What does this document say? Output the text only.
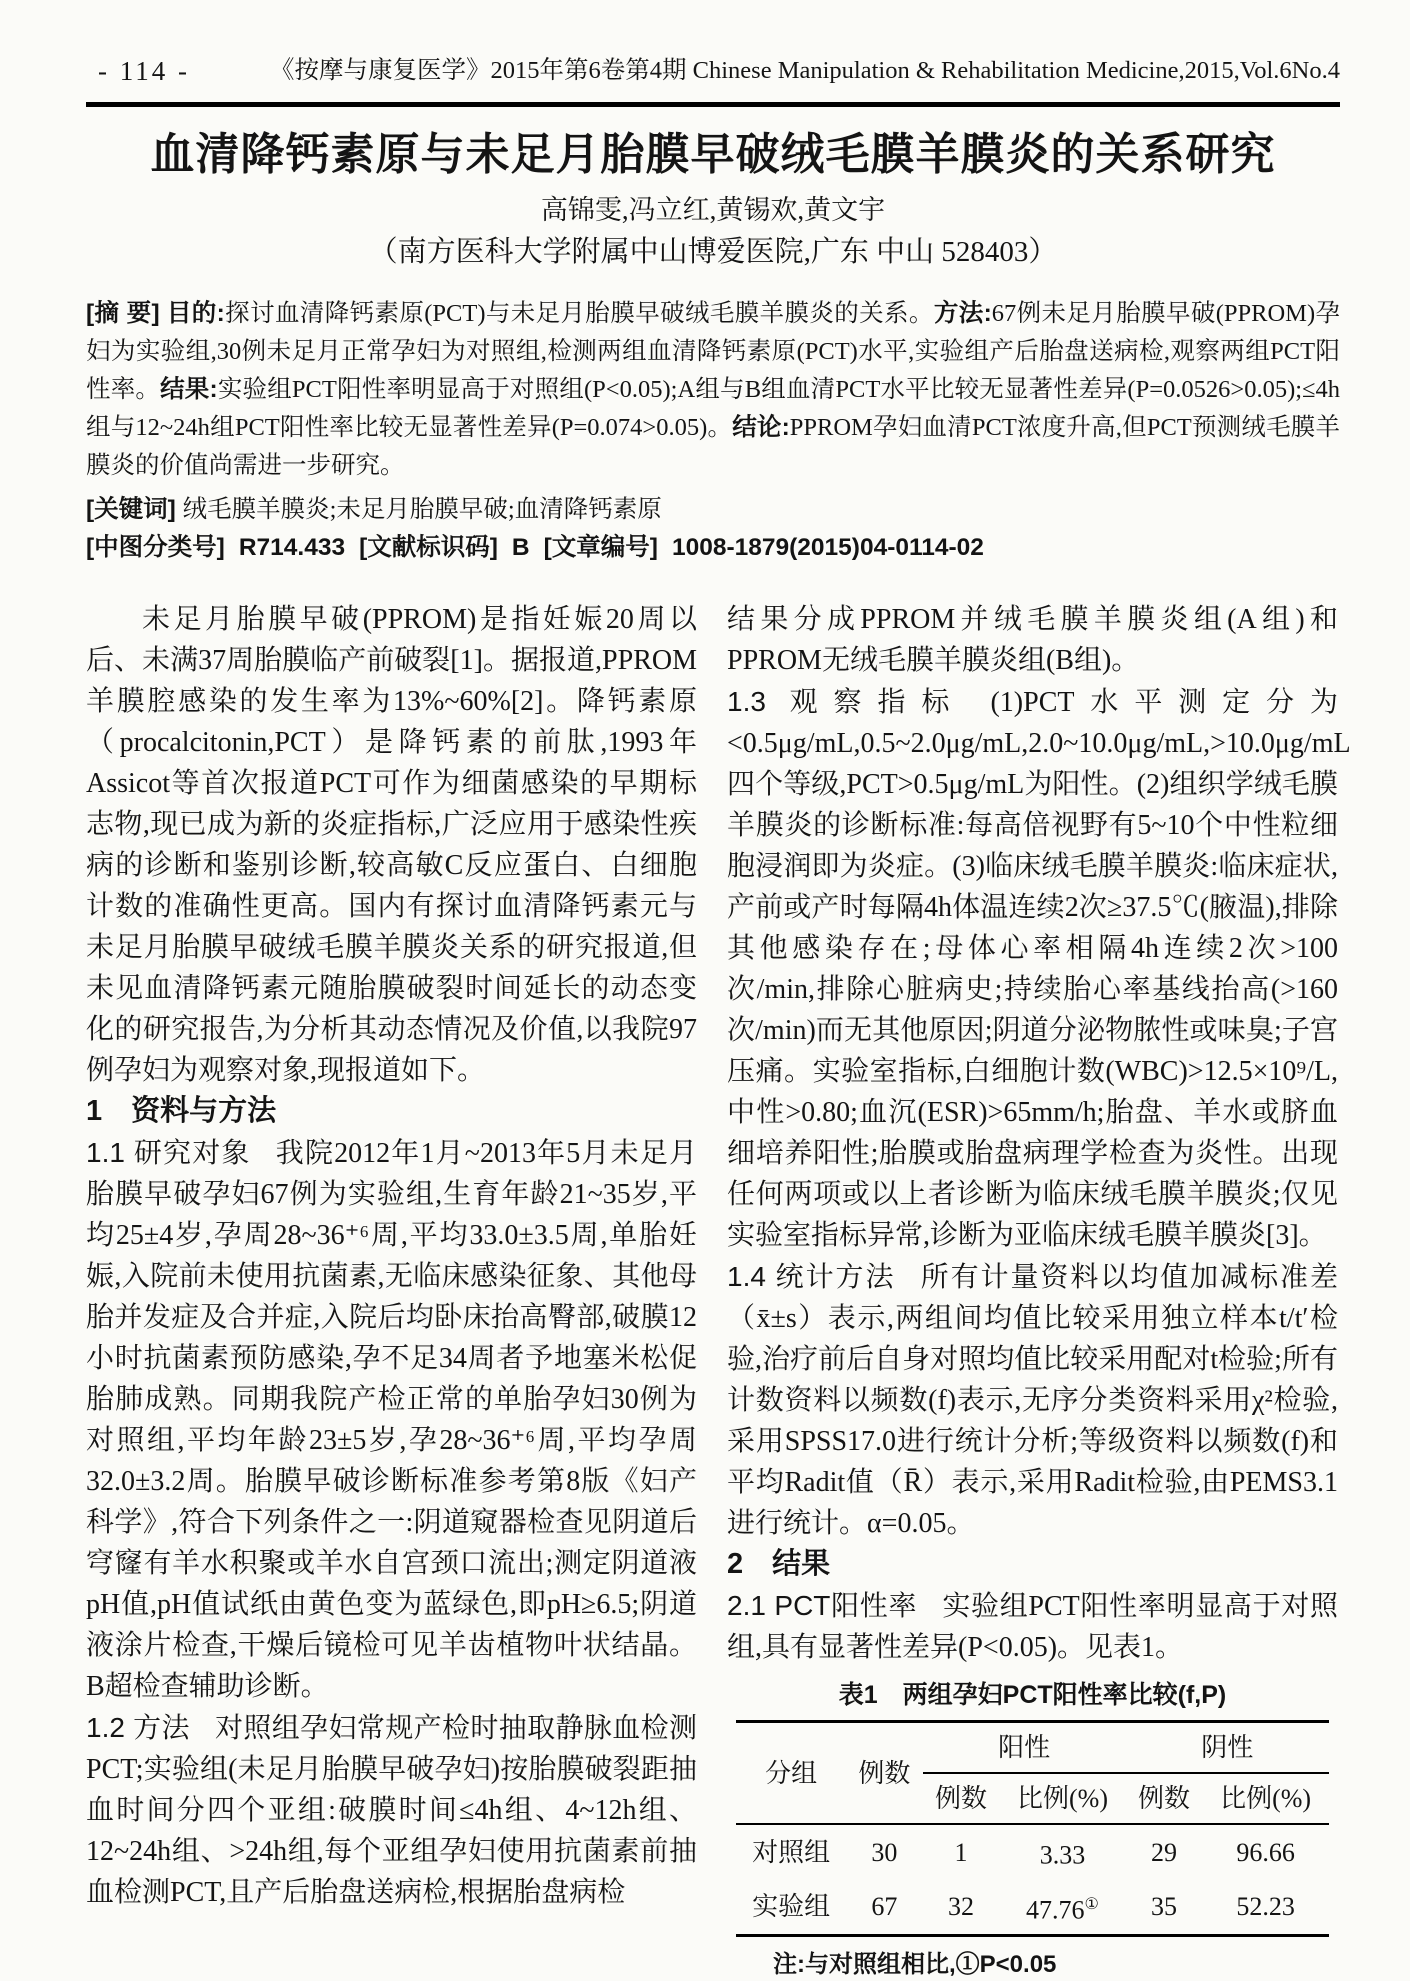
- 114 -	《按摩与康复医学》2015年第6卷第4期 Chinese Manipulation & Rehabilitation Medicine,2015,Vol.6No.4
血清降钙素原与未足月胎膜早破绒毛膜羊膜炎的关系研究
高锦雯,冯立红,黄锡欢,黄文宇
（南方医科大学附属中山博爱医院,广东 中山 528403）

[摘 要] 目的:探讨血清降钙素原(PCT)与未足月胎膜早破绒毛膜羊膜炎的关系。方法:67例未足月胎膜早破(PPROM)孕妇为实验组,30例未足月正常孕妇为对照组,检测两组血清降钙素原(PCT)水平,实验组产后胎盘送病检,观察两组PCT阳性率。结果:实验组PCT阳性率明显高于对照组(P<0.05);A组与B组血清PCT水平比较无显著性差异(P=0.0526>0.05);≤4h组与12~24h组PCT阳性率比较无显著性差异(P=0.074>0.05)。结论:PPROM孕妇血清PCT浓度升高,但PCT预测绒毛膜羊膜炎的价值尚需进一步研究。

[关键词] 绒毛膜羊膜炎;未足月胎膜早破;血清降钙素原

[中图分类号] R714.433 [文献标识码] B [文章编号] 1008-1879(2015)04-0114-02

未足月胎膜早破(PPROM)是指妊娠20周以后、未满37周胎膜临产前破裂[1]。据报道,PPROM羊膜腔感染的发生率为13%~60%[2]。降钙素原（procalcitonin,PCT）是降钙素的前肽,1993年Assicot等首次报道PCT可作为细菌感染的早期标志物,现已成为新的炎症指标,广泛应用于感染性疾病的诊断和鉴别诊断,较高敏C反应蛋白、白细胞计数的准确性更高。国内有探讨血清降钙素元与未足月胎膜早破绒毛膜羊膜炎关系的研究报道,但未见血清降钙素元随胎膜破裂时间延长的动态变化的研究报告,为分析其动态情况及价值,以我院97例孕妇为观察对象,现报道如下。

1　资料与方法

1.1 研究对象 我院2012年1月~2013年5月未足月胎膜早破孕妇67例为实验组,生育年龄21~35岁,平均25±4岁,孕周28~36⁺⁶周,平均33.0±3.5周,单胎妊娠,入院前未使用抗菌素,无临床感染征象、其他母胎并发症及合并症,入院后均卧床抬高臀部,破膜12小时抗菌素预防感染,孕不足34周者予地塞米松促胎肺成熟。同期我院产检正常的单胎孕妇30例为对照组,平均年龄23±5岁,孕28~36⁺⁶周,平均孕周32.0±3.2周。胎膜早破诊断标准参考第8版《妇产科学》,符合下列条件之一:阴道窥器检查见阴道后穹窿有羊水积聚或羊水自宫颈口流出;测定阴道液pH值,pH值试纸由黄色变为蓝绿色,即pH≥6.5;阴道液涂片检查,干燥后镜检可见羊齿植物叶状结晶。B超检查辅助诊断。

1.2 方法 对照组孕妇常规产检时抽取静脉血检测PCT;实验组(未足月胎膜早破孕妇)按胎膜破裂距抽血时间分四个亚组:破膜时间≤4h组、4~12h组、12~24h组、>24h组,每个亚组孕妇使用抗菌素前抽血检测PCT,且产后胎盘送病检,根据胎盘病检

结果分成PPROM并绒毛膜羊膜炎组(A组)和PPROM无绒毛膜羊膜炎组(B组)。

1.3 观察指标 (1)PCT水平测定分为<0.5μg/mL,0.5~2.0μg/mL,2.0~10.0μg/mL,>10.0μg/mL四个等级,PCT>0.5μg/mL为阳性。(2)组织学绒毛膜羊膜炎的诊断标准:每高倍视野有5~10个中性粒细胞浸润即为炎症。(3)临床绒毛膜羊膜炎:临床症状,产前或产时每隔4h体温连续2次≥37.5℃(腋温),排除其他感染存在;母体心率相隔4h连续2次>100次/min,排除心脏病史;持续胎心率基线抬高(>160次/min)而无其他原因;阴道分泌物脓性或味臭;子宫压痛。实验室指标,白细胞计数(WBC)>12.5×10⁹/L,中性>0.80;血沉(ESR)>65mm/h;胎盘、羊水或脐血细培养阳性;胎膜或胎盘病理学检查为炎性。出现任何两项或以上者诊断为临床绒毛膜羊膜炎;仅见实验室指标异常,诊断为亚临床绒毛膜羊膜炎[3]。

1.4 统计方法 所有计量资料以均值加减标准差（x̄±s）表示,两组间均值比较采用独立样本t/t′检验,治疗前后自身对照均值比较采用配对t检验;所有计数资料以频数(f)表示,无序分类资料采用χ²检验,采用SPSS17.0进行统计分析;等级资料以频数(f)和平均Radit值（R̄）表示,采用Radit检验,由PEMS3.1进行统计。α=0.05。

2　结果

2.1 PCT阳性率 实验组PCT阳性率明显高于对照组,具有显著性差异(P<0.05)。见表1。

表1　两组孕妇PCT阳性率比较(f,P)
分组	例数	阳性		阴性	
		例数	比例(%)	例数	比例(%)
对照组	30	1	3.33	29	96.66
实验组	67	32	47.76①	35	52.23
注:与对照组相比,①P<0.05
